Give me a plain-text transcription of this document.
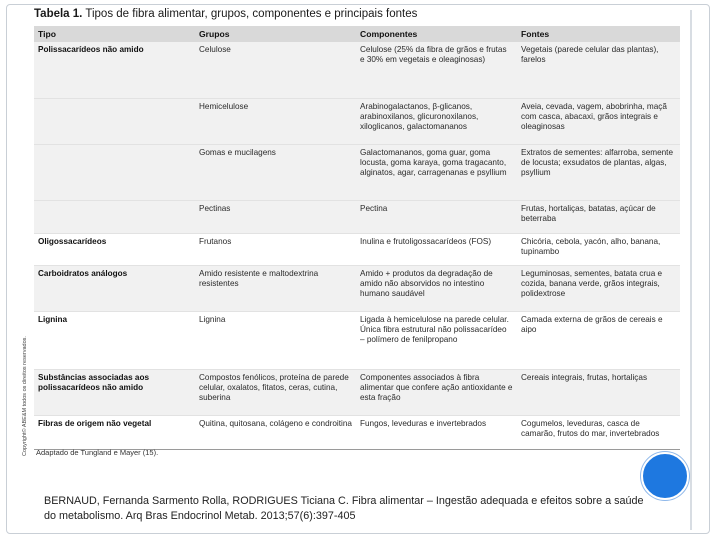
Copyright© ABE&M todos os direitos reservados.
Tabela 1. Tipos de fibra alimentar, grupos, componentes e principais fontes
Tipo	Grupos	Componentes	Fontes
Polissacarídeos não amido	Celulose	Celulose (25% da fibra de grãos e frutas e 30% em vegetais e oleaginosas)	Vegetais (parede celular das plantas), farelos
	Hemicelulose	Arabinogalactanos, β-glicanos, arabinoxilanos, glicuronoxilanos, xiloglicanos, galactomananos	Aveia, cevada, vagem, abobrinha, maçã com casca, abacaxi, grãos integrais e oleaginosas
	Gomas e mucilagens	Galactomananos, goma guar, goma locusta, goma karaya, goma tragacanto, alginatos, agar, carragenanas e psyllium	Extratos de sementes: alfarroba, semente de locusta; exsudatos de plantas, algas, psyllium
	Pectinas	Pectina	Frutas, hortaliças, batatas, açúcar de beterraba
Oligossacarídeos	Frutanos	Inulina e frutoligossacarídeos (FOS)	Chicória, cebola, yacón, alho, banana, tupinambo
Carboidratos análogos	Amido resistente e maltodextrina resistentes	Amido + produtos da degradação de amido não absorvidos no intestino humano saudável	Leguminosas, sementes, batata crua e cozida, banana verde, grãos integrais, polidextrose
Lignina	Lignina	Ligada à hemicelulose na parede celular. Única fibra estrutural não polissacarídeo – polímero de fenilpropano	Camada externa de grãos de cereais e aipo
Substâncias associadas aos polissacarídeos não amido	Compostos fenólicos, proteína de parede celular, oxalatos, fitatos, ceras, cutina, suberina	Componentes associados à fibra alimentar que confere ação antioxidante e esta fração	Cereais integrais, frutas, hortaliças
Fibras de origem não vegetal	Quitina, quitosana, colágeno e condroitina	Fungos, leveduras e invertebrados	Cogumelos, leveduras, casca de camarão, frutos do mar, invertebrados
Adaptado de Tungland e Mayer (15).
BERNAUD, Fernanda Sarmento Rolla, RODRIGUES Ticiana C. Fibra alimentar – Ingestão adequada e efeitos sobre a saúde do metabolismo. Arq Bras Endocrinol Metab. 2013;57(6):397-405
